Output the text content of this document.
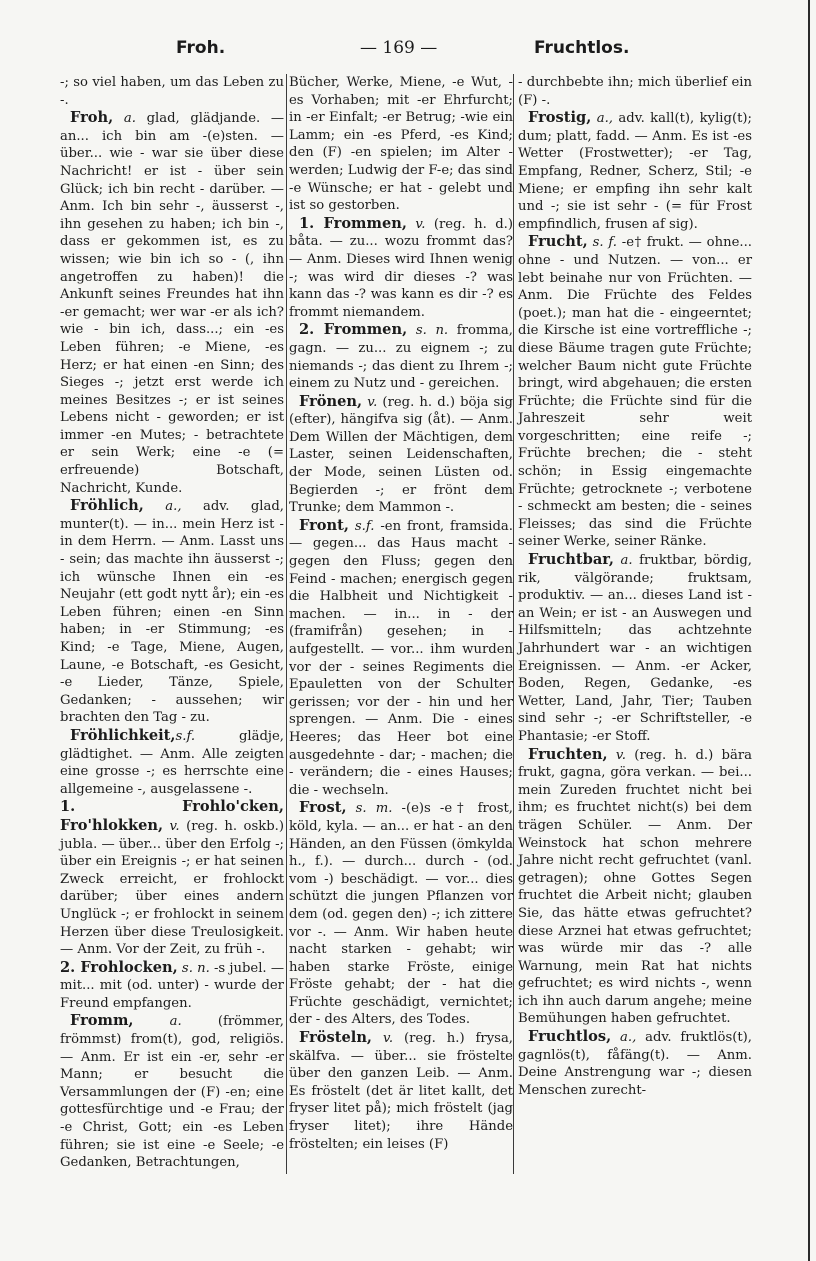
Froh.	— 169 —	Fruchtlos.

-; so viel haben, um das Leben zu -.

Froh, a. glad, glädjande. — an... ich bin am -(e)sten. — über... wie - war sie über diese Nachricht! er ist - über sein Glück; ich bin recht - darüber. — Anm. Ich bin sehr -, äusserst -, ihn gesehen zu haben; ich bin -, dass er gekommen ist, es zu wissen; wie bin ich so - (, ihn angetroffen zu haben)! die Ankunft seines Freundes hat ihn -er gemacht; wer war -er als ich? wie - bin ich, dass...; ein -es Leben führen; -e Miene, -es Herz; er hat einen -en Sinn; des Sieges -; jetzt erst werde ich meines Besitzes -; er ist seines Lebens nicht - geworden; er ist immer -en Mutes; - betrachtete er sein Werk; eine -e (= erfreuende) Botschaft, Nachricht, Kunde.

Fröhlich, a., adv. glad, munter(t). — in... mein Herz ist - in dem Herrn. — Anm. Lasst uns - sein; das machte ihn äusserst -; ich wünsche Ihnen ein -es Neujahr (ett godt nytt år); ein -es Leben führen; einen -en Sinn haben; in -er Stimmung; -es Kind; -e Tage, Miene, Augen, Laune, -e Botschaft, -es Gesicht, -e Lieder, Tänze, Spiele, Gedanken; - aussehen; wir brachten den Tag - zu.

Fröhlichkeit,s.f.	glädje, glädtighet. — Anm. Alle zeigten eine grosse -; es herrschte eine allgemeine -, ausgelassene -.

1. Frohlo'cken, Fro'hlokken, v. (reg. h. oskb.) jubla. — über... über den Erfolg -; über ein Ereignis -; er hat seinen Zweck erreicht, er frohlockt darüber; über eines andern Unglück -; er frohlockt in seinem Herzen über diese Treulosigkeit. — Anm. Vor der Zeit, zu früh -.

2. Frohlocken, s. n. -s jubel. — mit... mit (od. unter) - wurde der Freund empfangen.

Fromm,	a.	(frömmer, frömmst) from(t), god, religiös. — Anm. Er ist ein -er, sehr -er Mann; er besucht die Versammlungen der (F) -en; eine gottesfürchtige und -e Frau; der -e Christ, Gott; ein -es Leben führen; sie ist eine -e Seele; -e Gedanken, Betrachtungen,

Bücher, Werke, Miene, -e Wut, -es Vorhaben; mit -er Ehrfurcht; in -er Einfalt; -er Betrug; -wie ein Lamm; ein -es Pferd, -es Kind; den (F) -en spielen; im Alter - werden; Ludwig der F-e; das sind -e Wünsche; er hat - gelebt und ist so gestorben.

1. Frommen, v. (reg. h. d.) båta. — zu... wozu frommt das? — Anm. Dieses wird Ihnen wenig -; was wird dir dieses -? was kann das -? was kann es dir -? es frommt niemandem.

2. Frommen, s. n. fromma, gagn. — zu... zu eignem -; zu niemands -; das dient zu Ihrem -; einem zu Nutz und - gereichen.

Frönen, v. (reg. h. d.) böja sig (efter), hängifva sig (åt). — Anm. Dem Willen der Mächtigen, dem Laster, seinen Leidenschaften, der Mode, seinen Lüsten od. Begierden -; er frönt dem Trunke; dem Mammon -.

Front, s.f. -en front, framsida. — gegen... das Haus macht - gegen den Fluss; gegen den Feind - machen; energisch gegen die Halbheit und Nichtigkeit - machen. — in... in - der (framifrån) gesehen; in - aufgestellt. — vor... ihm wurden vor der - seines Regiments die Epauletten von der Schulter gerissen; vor der - hin und her sprengen. — Anm. Die - eines Heeres; das Heer bot eine ausgedehnte - dar; - machen; die - verändern; die - eines Hauses; die - wechseln.

Frost, s. m. -(e)s -e† frost, köld, kyla. — an... er hat - an den Händen, an den Füssen (ömkylda h., f.). — durch... durch - (od. vom -) beschädigt. — vor... dies schützt die jungen Pflanzen vor dem (od. gegen den) -; ich zittere vor -. — Anm. Wir haben heute nacht starken - gehabt; wir haben starke Fröste, einige Fröste gehabt; der - hat die Früchte geschädigt, vernichtet; der - des Alters, des Todes.

Frösteln, v. (reg. h.) frysa, skälfva. — über... sie fröstelte über den ganzen Leib. — Anm. Es fröstelt (det är litet kallt, det fryser litet på); mich fröstelt (jag fryser litet); ihre Hände fröstelten; ein leises (F)

- durchbebte ihn; mich überlief ein (F) -.

Frostig, a., adv. kall(t), kylig(t); dum; platt, fadd. — Anm. Es ist -es Wetter (Frostwetter); -er Tag, Empfang, Redner, Scherz, Stil; -e Miene; er empfing ihn sehr kalt und -; sie ist sehr - (= für Frost empfindlich, frusen af sig).

Frucht, s. f. -e† frukt. — ohne... ohne - und Nutzen. — von... er lebt beinahe nur von Früchten. — Anm. Die Früchte des Feldes (poet.); man hat die - eingeerntet; die Kirsche ist eine vortreffliche -; diese Bäume tragen gute Früchte; welcher Baum nicht gute Früchte bringt, wird abgehauen; die ersten Früchte; die Früchte sind für die Jahreszeit sehr weit vorgeschritten; eine reife -; Früchte brechen; die - steht schön; in Essig eingemachte Früchte; getrocknete -; verbotene - schmeckt am besten; die - seines Fleisses; das sind die Früchte seiner Werke, seiner Ränke.

Fruchtbar, a. fruktbar, bördig, rik, välgörande; fruktsam, produktiv. — an... dieses Land ist - an Wein; er ist - an Auswegen und Hilfsmitteln; das achtzehnte Jahrhundert war - an wichtigen Ereignissen. — Anm. -er Acker, Boden, Regen, Gedanke, -es Wetter, Land, Jahr, Tier; Tauben sind sehr -; -er Schriftsteller, -e Phantasie; -er Stoff.

Fruchten, v. (reg. h. d.) bära frukt, gagna, göra verkan. — bei... mein Zureden fruchtet nicht bei ihm; es fruchtet nicht(s) bei dem trägen Schüler. — Anm. Der Weinstock hat schon mehrere Jahre nicht recht gefruchtet (vanl. getragen); ohne Gottes Segen fruchtet die Arbeit nicht; glauben Sie, das hätte etwas gefruchtet? diese Arznei hat etwas gefruchtet; was würde mir das -? alle Warnung, mein Rat hat nichts gefruchtet; es wird nichts -, wenn ich ihn auch darum angehe; meine Bemühungen haben gefruchtet.

Fruchtlos, a., adv. fruktlös(t), gagnlös(t), fåfäng(t). — Anm. Deine Anstrengung war -; diesen Menschen zurecht-
